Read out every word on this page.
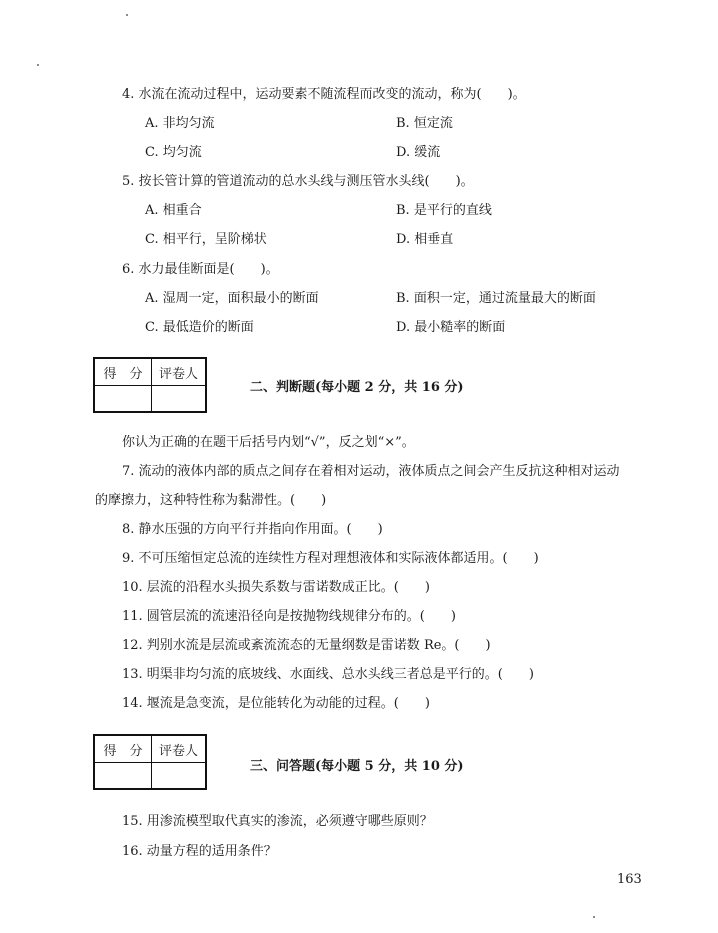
4. 水流在流动过程中，运动要素不随流程而改变的流动，称为(　　)。
A. 非均匀流	B. 恒定流
C. 均匀流	D. 缓流
5. 按长管计算的管道流动的总水头线与测压管水头线(　　)。
A. 相重合	B. 是平行的直线
C. 相平行，呈阶梯状	D. 相垂直
6. 水力最佳断面是(　　)。
A. 湿周一定，面积最小的断面	B. 面积一定，通过流量最大的断面
C. 最低造价的断面	D. 最小糙率的断面
得　分	评卷人
二、判断题(每小题 2 分，共 16 分)
你认为正确的在题干后括号内划“√”，反之划“×”。
7. 流动的液体内部的质点之间存在着相对运动，液体质点之间会产生反抗这种相对运动
的摩擦力，这种特性称为黏滞性。(　　)
8. 静水压强的方向平行并指向作用面。(　　)
9. 不可压缩恒定总流的连续性方程对理想液体和实际液体都适用。(　　)
10. 层流的沿程水头损失系数与雷诺数成正比。(　　)
11. 圆管层流的流速沿径向是按抛物线规律分布的。(　　)
12. 判别水流是层流或紊流流态的无量纲数是雷诺数 Re。(　　)
13. 明渠非均匀流的底坡线、水面线、总水头线三者总是平行的。(　　)
14. 堰流是急变流，是位能转化为动能的过程。(　　)
得　分	评卷人
三、问答题(每小题 5 分，共 10 分)
15. 用渗流模型取代真实的渗流，必须遵守哪些原则？
16. 动量方程的适用条件？
163
